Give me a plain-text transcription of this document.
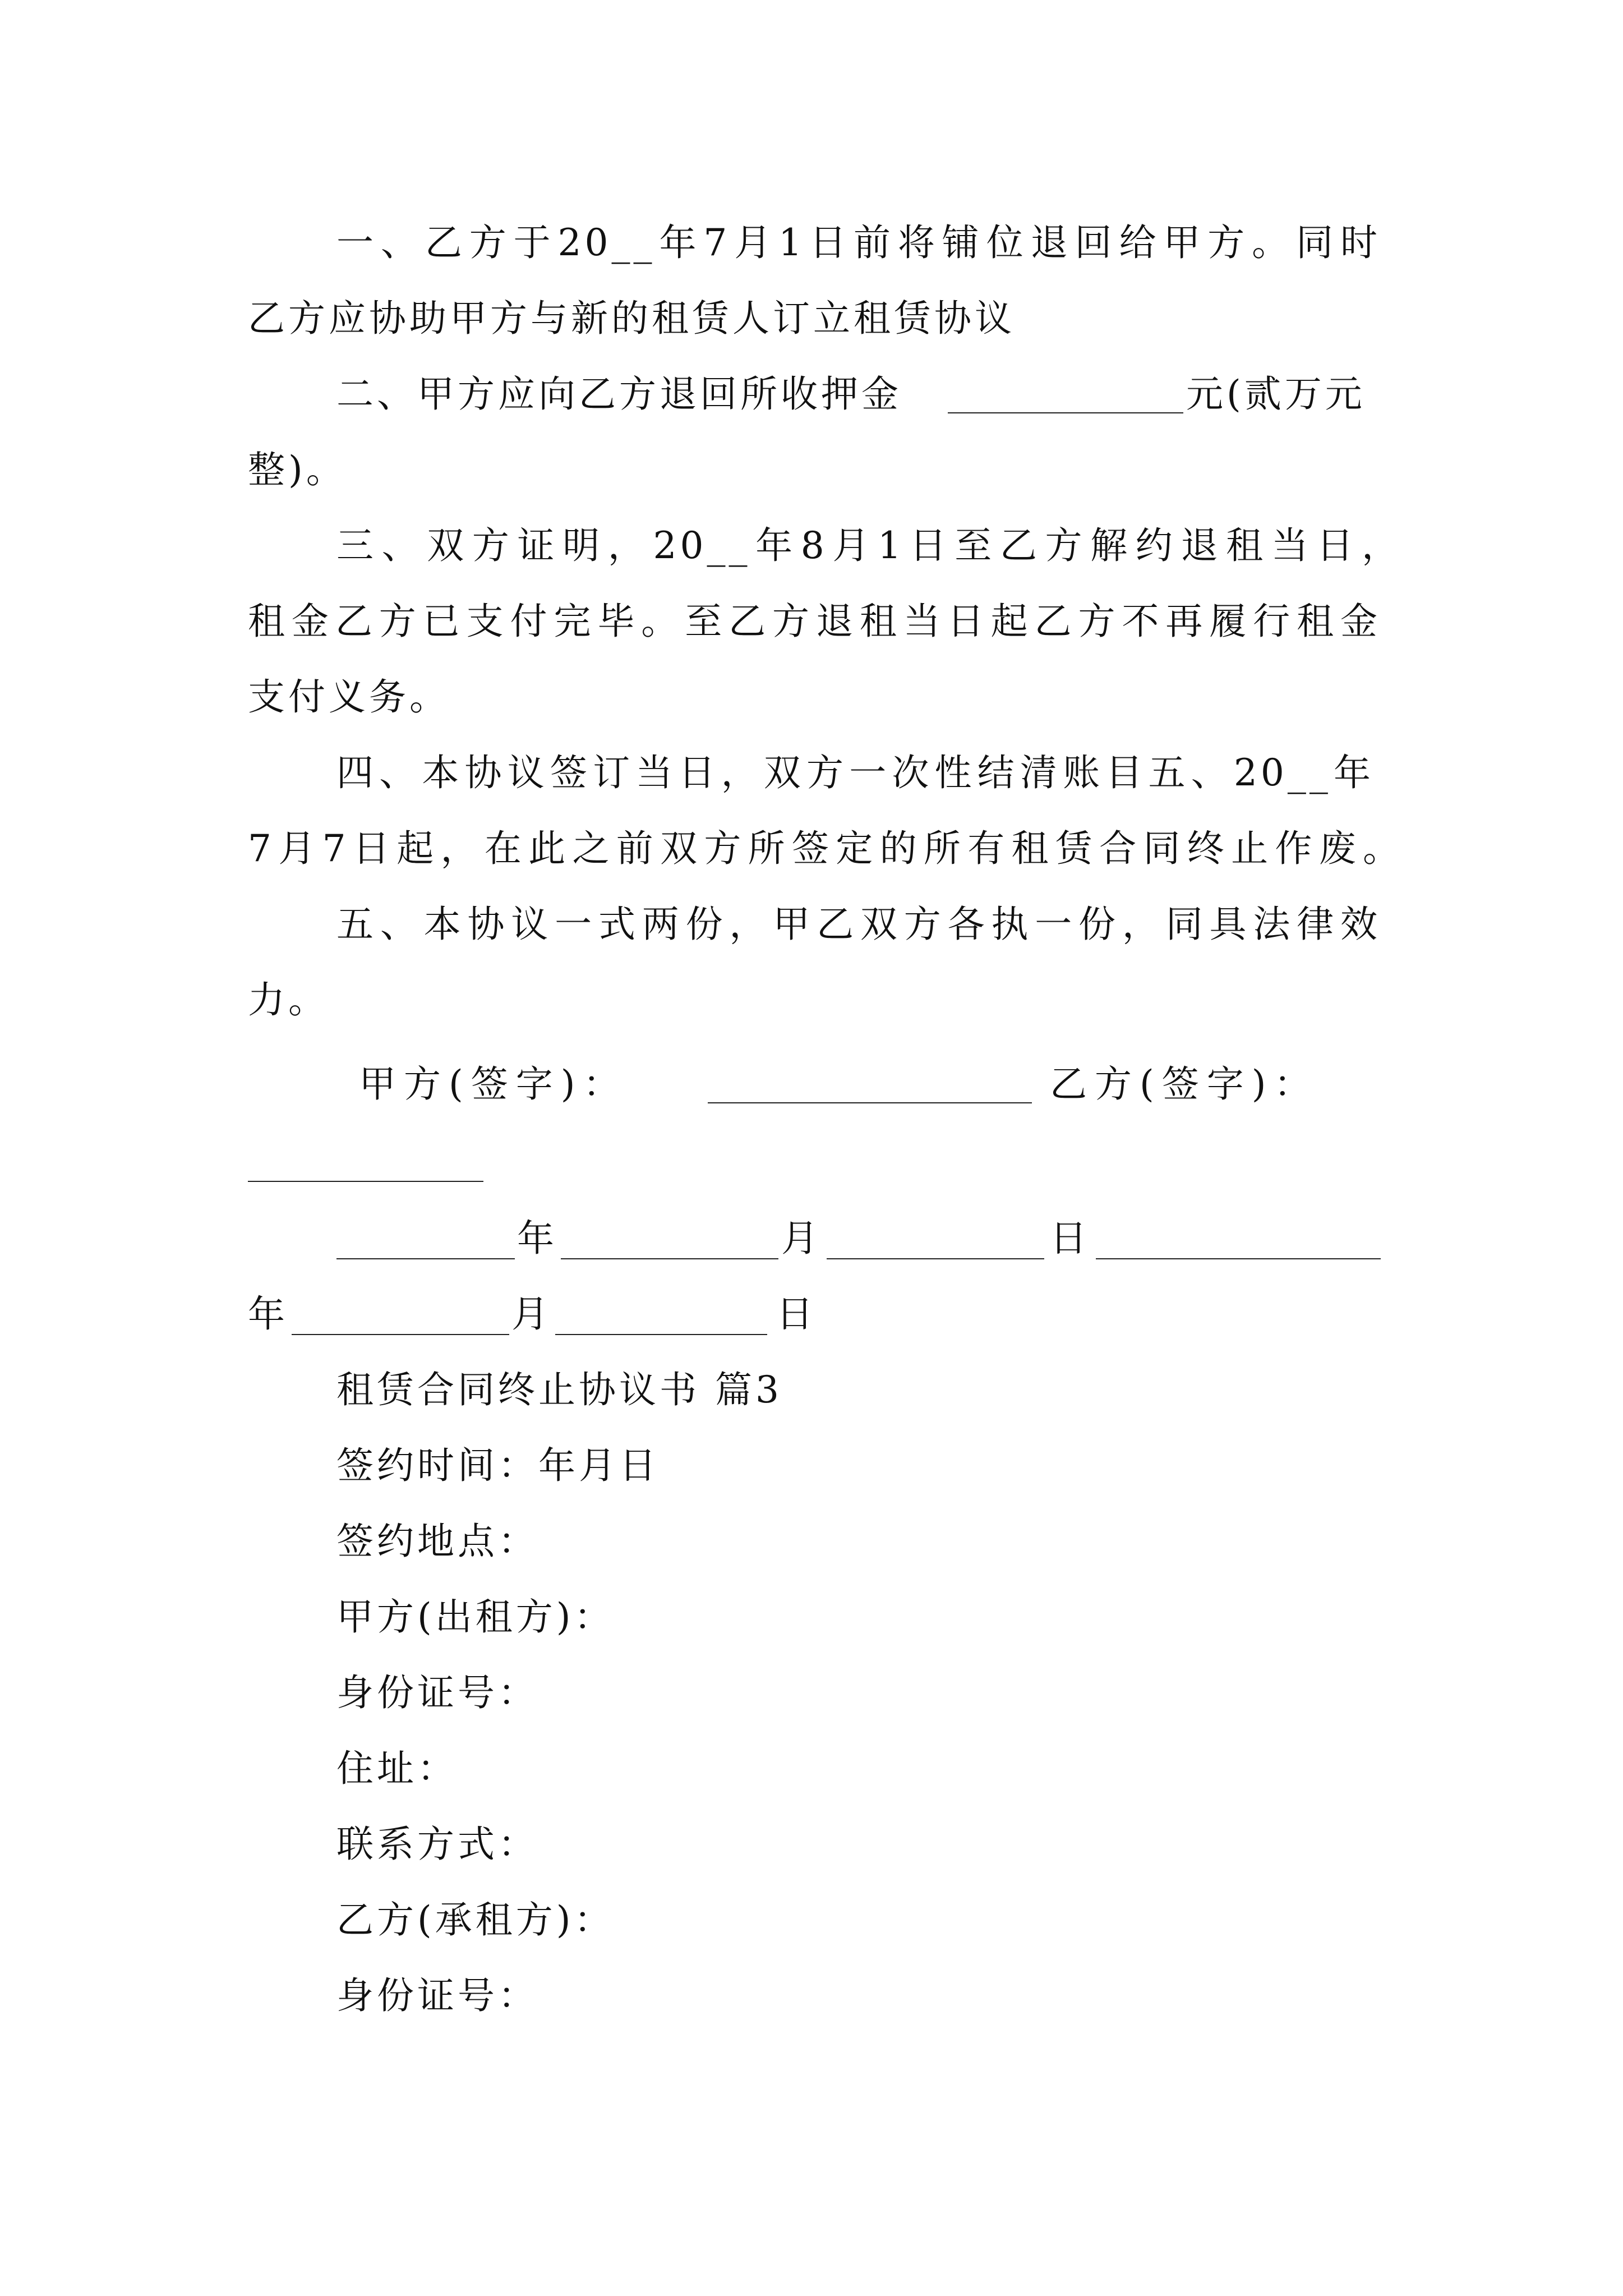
一、乙方于20__年7月1日前将铺位退回给甲方。同时
乙方应协助甲方与新的租赁人订立租赁协议
二、甲方应向乙方退回所收押金	元(贰万元
整)。
三、双方证明，20__年8月1日至乙方解约退租当日，
租金乙方已支付完毕。至乙方退租当日起乙方不再履行租金
支付义务。
四、本协议签订当日，双方一次性结清账目五、20__年
7月7日起，在此之前双方所签定的所有租赁合同终止作废。
五、本协议一式两份，甲乙双方各执一份，同具法律效
力。
甲方(签字)：	乙方(签字)：
年	月	日
年	月	日
租赁合同终止协议书 篇3
签约时间：年月日
签约地点：
甲方(出租方)：
身份证号：
住址：
联系方式：
乙方(承租方)：
身份证号：
